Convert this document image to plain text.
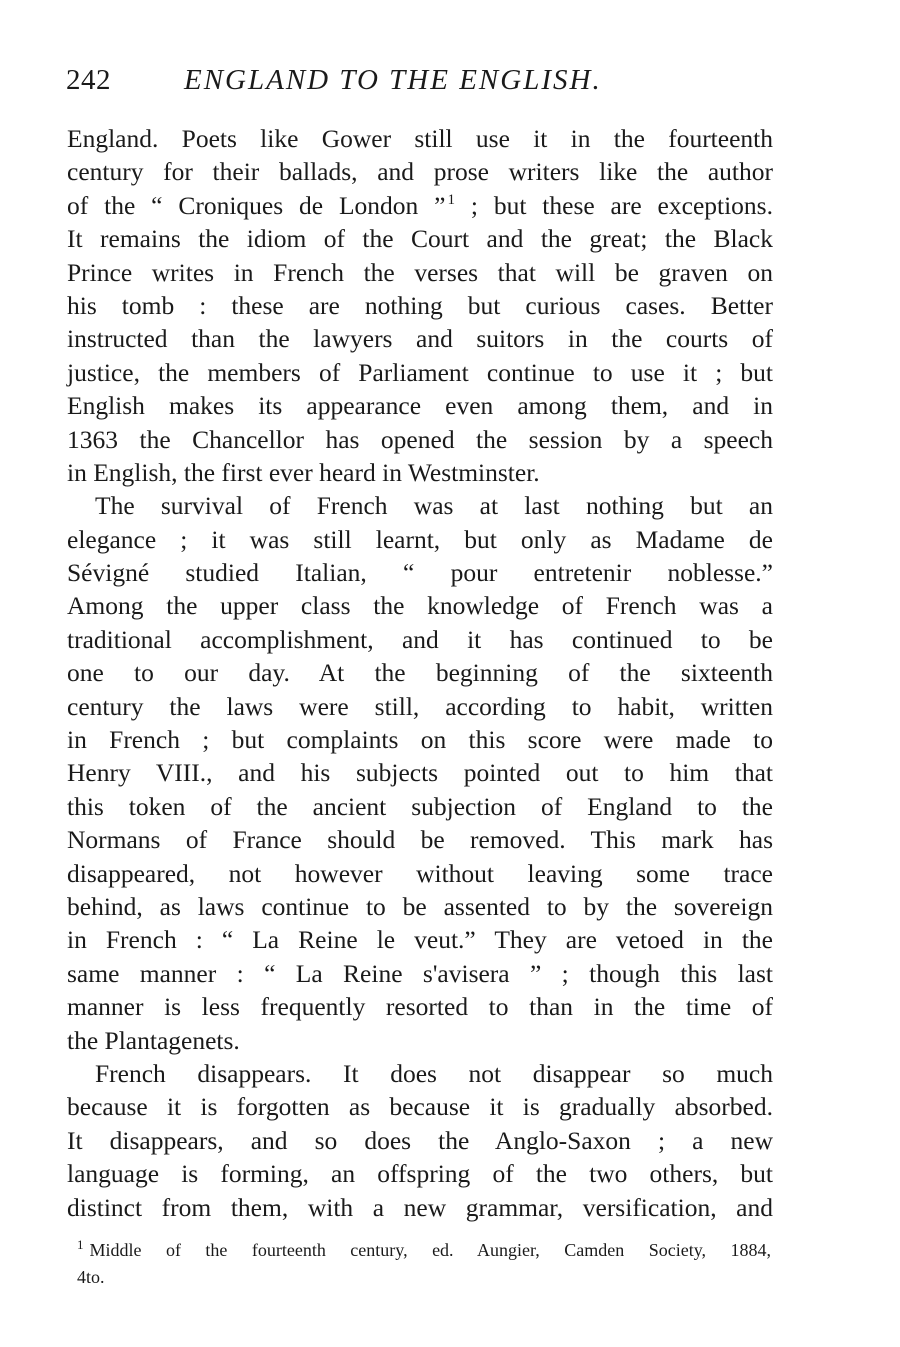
242	ENGLAND TO THE ENGLISH.
England. Poets like Gower still use it in the fourteenth
century for their ballads, and prose writers like the author
of the “ Croniques de London ” $^1$ ; but these are exceptions.
It remains the idiom of the Court and the great; the Black
Prince writes in French the verses that will be graven on
his tomb : these are nothing but curious cases. Better
instructed than the lawyers and suitors in the courts of
justice, the members of Parliament continue to use it ; but
English makes its appearance even among them, and in
1363 the Chancellor has opened the session by a speech
in English, the first ever heard in Westminster.
The survival of French was at last nothing but an
elegance ; it was still learnt, but only as Madame de
Sévigné studied Italian, “ pour entretenir noblesse.”
Among the upper class the knowledge of French was a
traditional accomplishment, and it has continued to be
one to our day. At the beginning of the sixteenth
century the laws were still, according to habit, written
in French ; but complaints on this score were made to
Henry VIII., and his subjects pointed out to him that
this token of the ancient subjection of England to the
Normans of France should be removed. This mark has
disappeared, not however without leaving some trace
behind, as laws continue to be assented to by the sovereign
in French : “ La Reine le veut.” They are vetoed in the
same manner : “ La Reine s'avisera ” ; though this last
manner is less frequently resorted to than in the time of
the Plantagenets.
French disappears. It does not disappear so much
because it is forgotten as because it is gradually absorbed.
It disappears, and so does the Anglo-Saxon ; a new
language is forming, an offspring of the two others, but
distinct from them, with a new grammar, versification, and
$^1$ Middle of the fourteenth century, ed. Aungier, Camden Society, 1884,
4to.
